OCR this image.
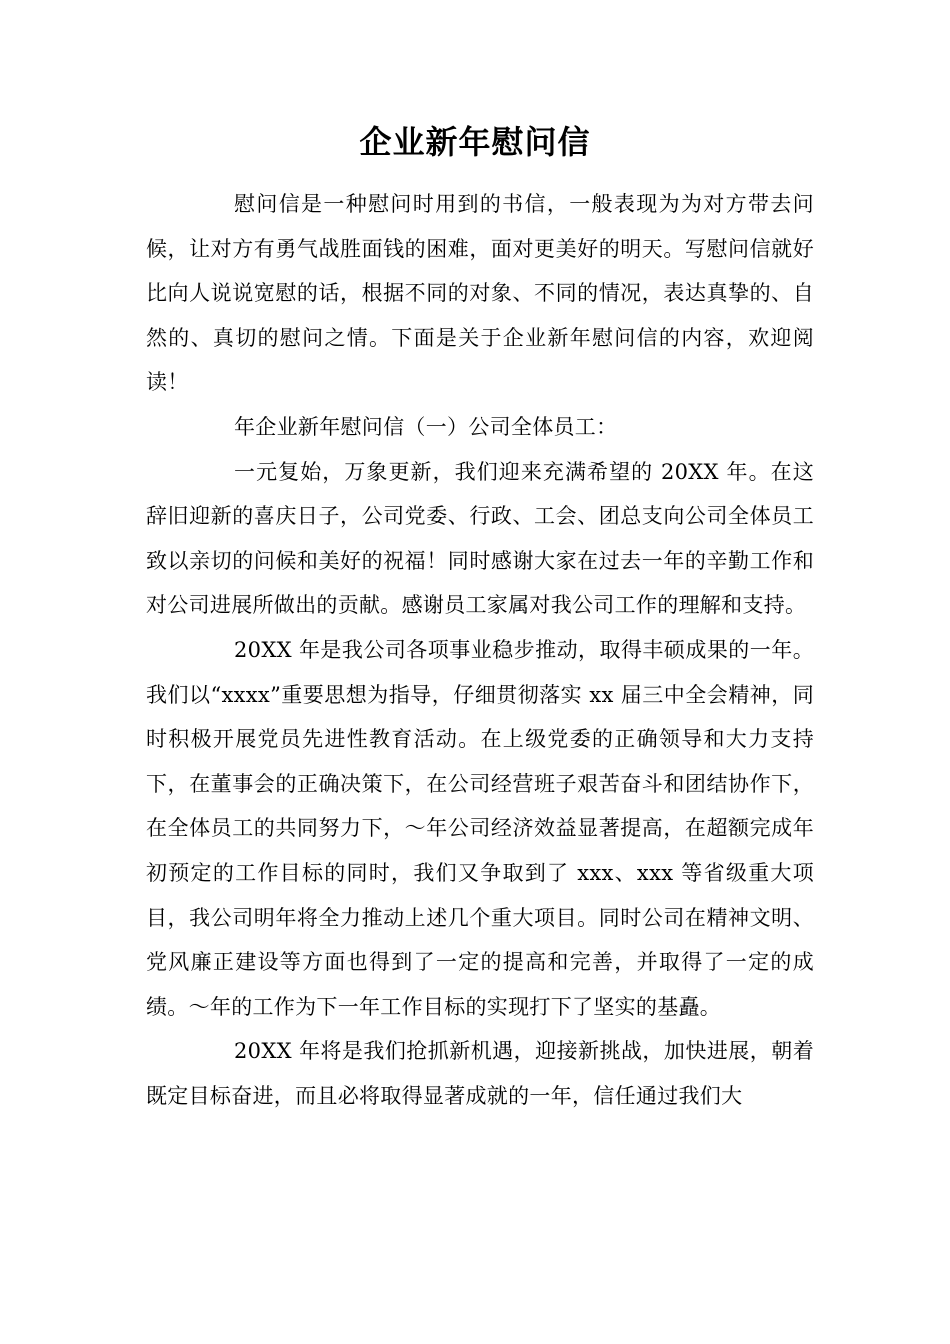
企业新年慰问信

慰问信是一种慰问时用到的书信，一般表现为为对方带去问候，让对方有勇气战胜面钱的困难，面对更美好的明天。写慰问信就好比向人说说宽慰的话，根据不同的对象、不同的情况，表达真挚的、自然的、真切的慰问之情。下面是关于企业新年慰问信的内容，欢迎阅读！

年企业新年慰问信（一）公司全体员工：

一元复始，万象更新，我们迎来充满希望的 20XX 年。在这辞旧迎新的喜庆日子，公司党委、行政、工会、团总支向公司全体员工致以亲切的问候和美好的祝福！同时感谢大家在过去一年的辛勤工作和对公司进展所做出的贡献。感谢员工家属对我公司工作的理解和支持。

20XX 年是我公司各项事业稳步推动，取得丰硕成果的一年。我们以“xxxx”重要思想为指导，仔细贯彻落实 xx 届三中全会精神，同时积极开展党员先进性教育活动。在上级党委的正确领导和大力支持下，在董事会的正确决策下，在公司经营班子艰苦奋斗和团结协作下，在全体员工的共同努力下，～年公司经济效益显著提高，在超额完成年初预定的工作目标的同时，我们又争取到了 xxx、xxx 等省级重大项目，我公司明年将全力推动上述几个重大项目。同时公司在精神文明、党风廉正建设等方面也得到了一定的提高和完善，并取得了一定的成绩。～年的工作为下一年工作目标的实现打下了坚实的基矗。

20XX 年将是我们抢抓新机遇，迎接新挑战，加快进展，朝着既定目标奋进，而且必将取得显著成就的一年，信任通过我们大
